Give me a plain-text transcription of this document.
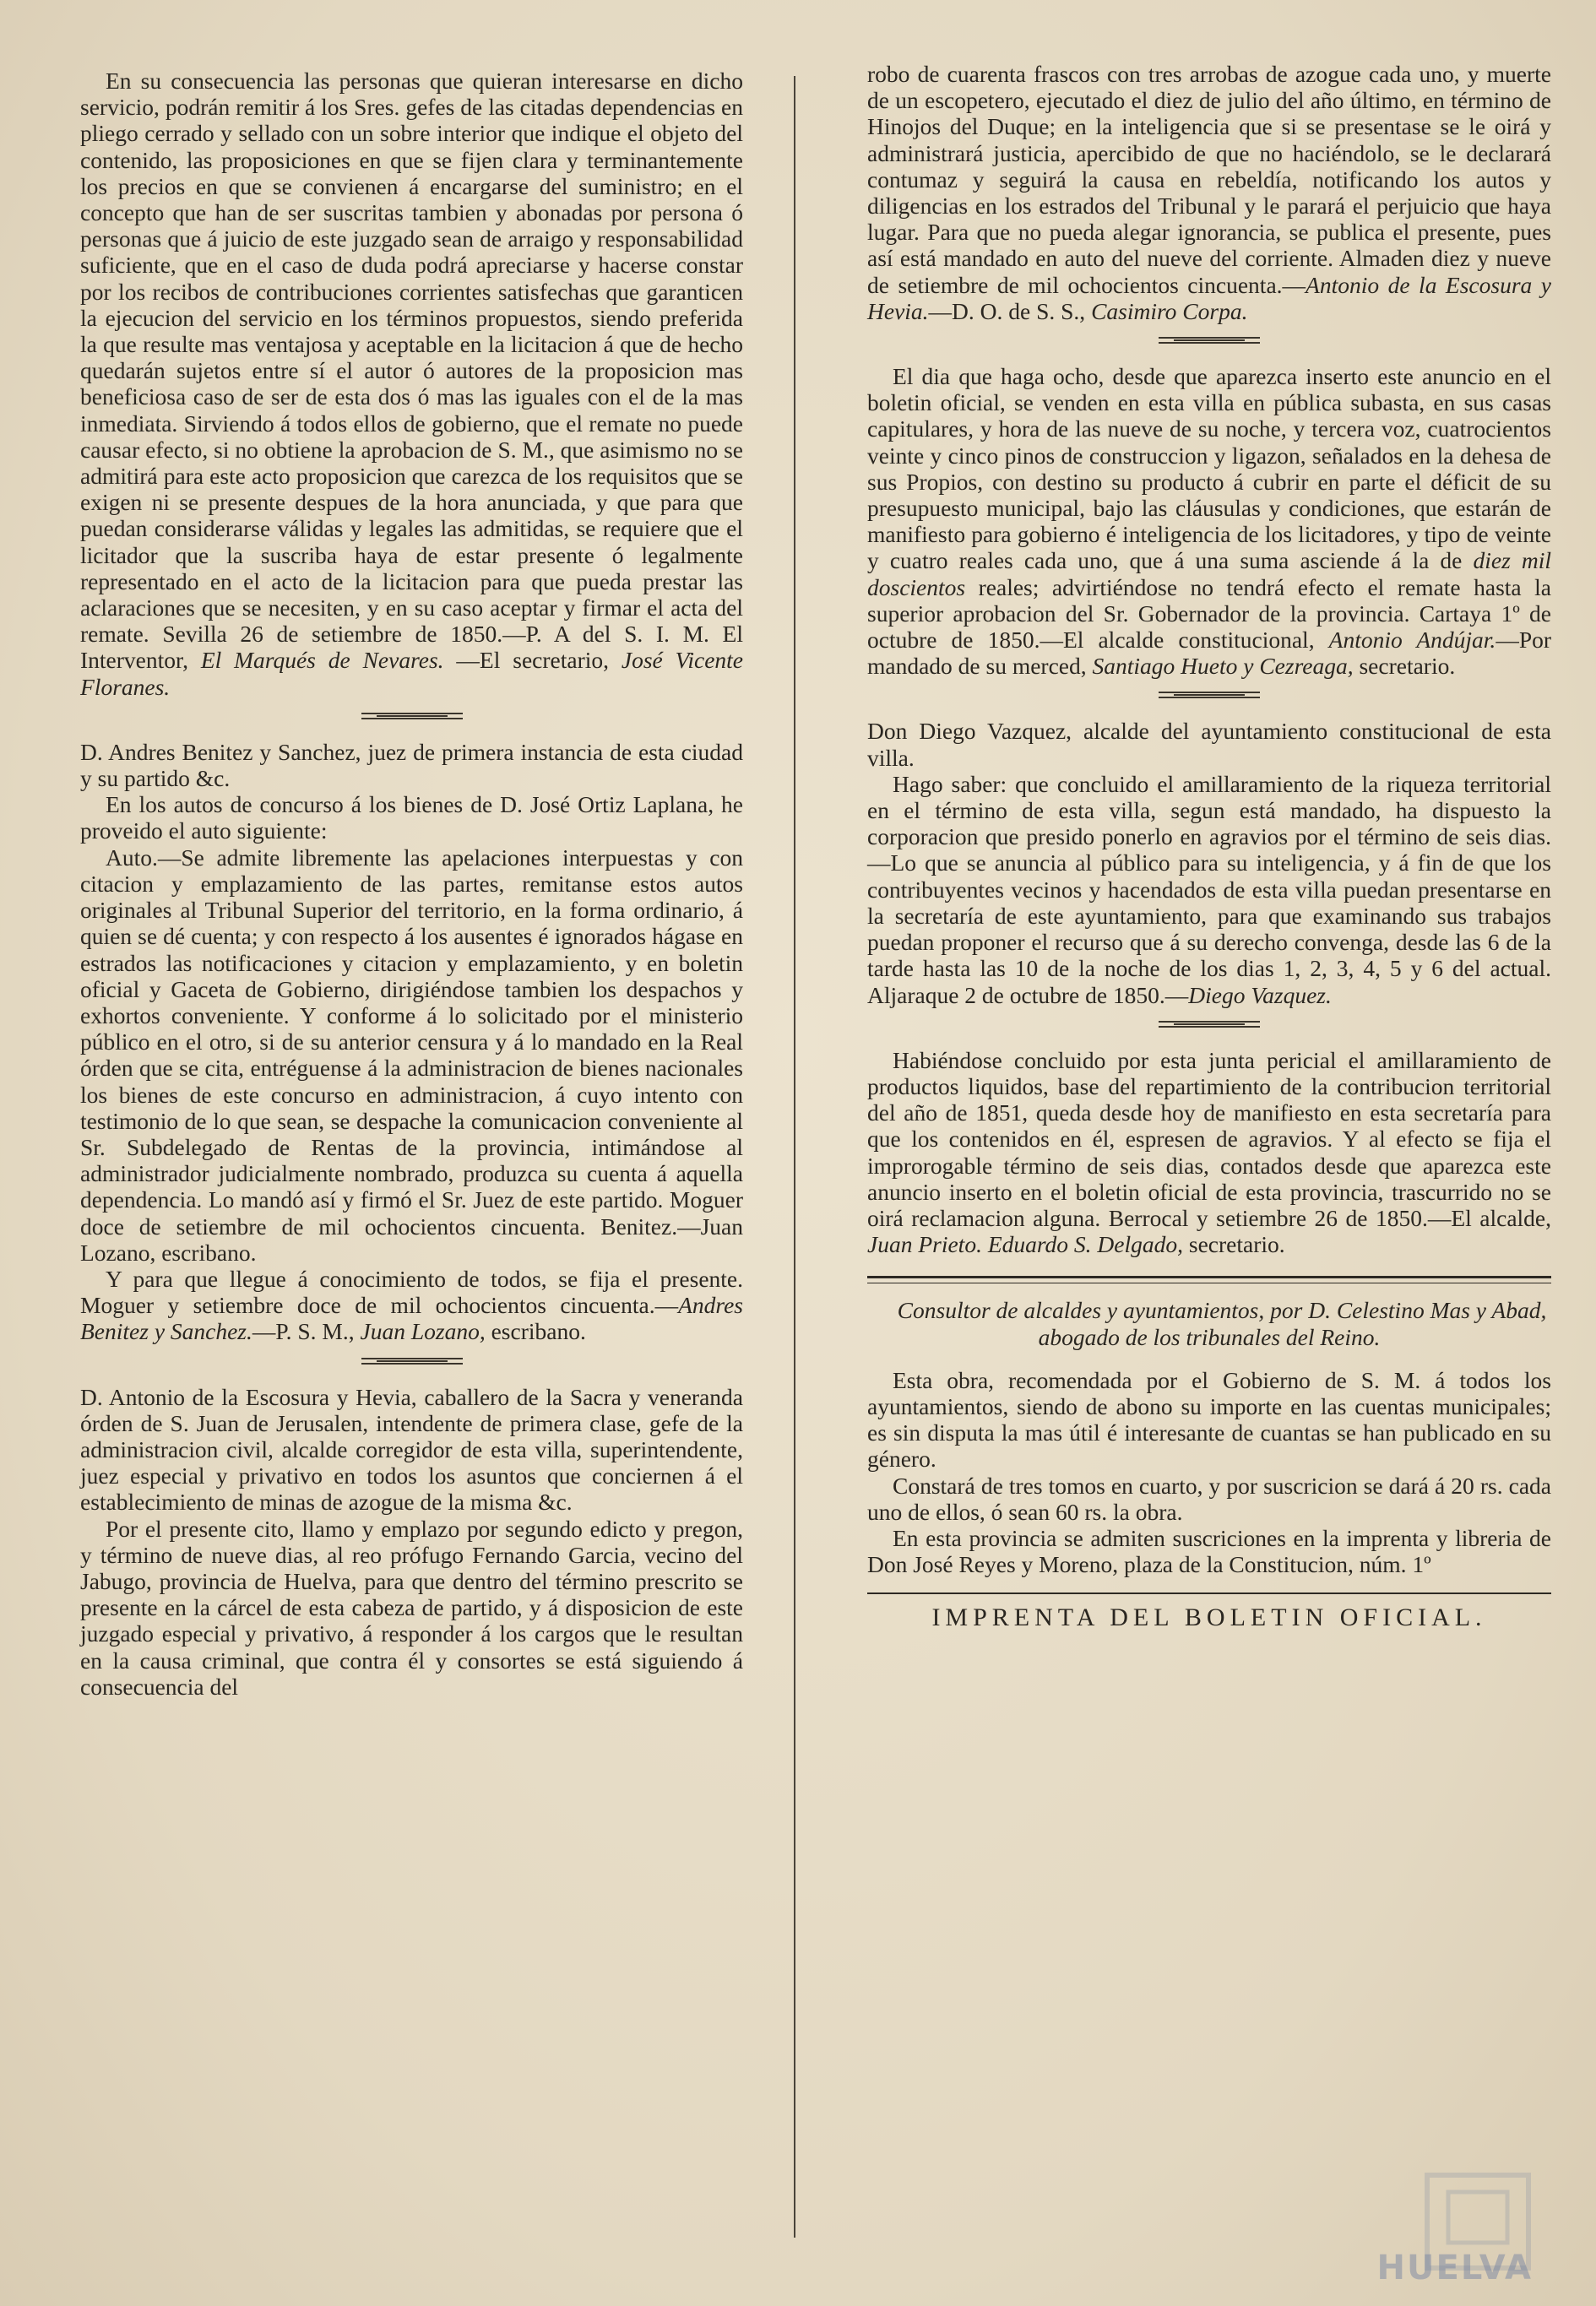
En su consecuencia las personas que quieran interesarse en dicho servicio, podrán remitir á los Sres. gefes de las citadas dependencias en pliego cerrado y sellado con un sobre interior que indique el objeto del contenido, las proposiciones en que se fijen clara y terminantemente los precios en que se convienen á encargarse del suministro; en el concepto que han de ser suscritas tambien y abonadas por persona ó personas que á juicio de este juzgado sean de arraigo y responsabilidad suficiente, que en el caso de duda podrá apreciarse y hacerse constar por los recibos de contribuciones corrientes satisfechas que garanticen la ejecucion del servicio en los términos propuestos, siendo preferida la que resulte mas ventajosa y aceptable en la licitacion á que de hecho quedarán sujetos entre sí el autor ó autores de la proposicion mas beneficiosa caso de ser de esta dos ó mas las iguales con el de la mas inmediata. Sirviendo á todos ellos de gobierno, que el remate no puede causar efecto, si no obtiene la aprobacion de S. M., que asimismo no se admitirá para este acto proposicion que carezca de los requisitos que se exigen ni se presente despues de la hora anunciada, y que para que puedan considerarse válidas y legales las admitidas, se requiere que el licitador que la suscriba haya de estar presente ó legalmente representado en el acto de la licitacion para que pueda prestar las aclaraciones que se necesiten, y en su caso aceptar y firmar el acta del remate. Sevilla 26 de setiembre de 1850.—P. A del S. I. M. El Interventor, El Marqués de Nevares. —El secretario, José Vicente Floranes.

D. Andres Benitez y Sanchez, juez de primera instancia de esta ciudad y su partido &c.

En los autos de concurso á los bienes de D. José Ortiz Laplana, he proveido el auto siguiente:

Auto.—Se admite libremente las apelaciones interpuestas y con citacion y emplazamiento de las partes, remitanse estos autos originales al Tribunal Superior del territorio, en la forma ordinario, á quien se dé cuenta; y con respecto á los ausentes é ignorados hágase en estrados las notificaciones y citacion y emplazamiento, y en boletin oficial y Gaceta de Gobierno, dirigiéndose tambien los despachos y exhortos conveniente. Y conforme á lo solicitado por el ministerio público en el otro, si de su anterior censura y á lo mandado en la Real órden que se cita, entréguense á la administracion de bienes nacionales los bienes de este concurso en administracion, á cuyo intento con testimonio de lo que sean, se despache la comunicacion conveniente al Sr. Subdelegado de Rentas de la provincia, intimándose al administrador judicialmente nombrado, produzca su cuenta á aquella dependencia. Lo mandó así y firmó el Sr. Juez de este partido. Moguer doce de setiembre de mil ochocientos cincuenta. Benitez.—Juan Lozano, escribano.

Y para que llegue á conocimiento de todos, se fija el presente. Moguer y setiembre doce de mil ochocientos cincuenta.—Andres Benitez y Sanchez.—P. S. M., Juan Lozano, escribano.

D. Antonio de la Escosura y Hevia, caballero de la Sacra y veneranda órden de S. Juan de Jerusalen, intendente de primera clase, gefe de la administracion civil, alcalde corregidor de esta villa, superintendente, juez especial y privativo en todos los asuntos que conciernen á el establecimiento de minas de azogue de la misma &c.

Por el presente cito, llamo y emplazo por segundo edicto y pregon, y término de nueve dias, al reo prófugo Fernando Garcia, vecino del Jabugo, provincia de Huelva, para que dentro del término prescrito se presente en la cárcel de esta cabeza de partido, y á disposicion de este juzgado especial y privativo, á responder á los cargos que le resultan en la causa criminal, que contra él y consortes se está siguiendo á consecuencia del

robo de cuarenta frascos con tres arrobas de azogue cada uno, y muerte de un escopetero, ejecutado el diez de julio del año último, en término de Hinojos del Duque; en la inteligencia que si se presentase se le oirá y administrará justicia, apercibido de que no haciéndolo, se le declarará contumaz y seguirá la causa en rebeldía, notificando los autos y diligencias en los estrados del Tribunal y le parará el perjuicio que haya lugar. Para que no pueda alegar ignorancia, se publica el presente, pues así está mandado en auto del nueve del corriente. Almaden diez y nueve de setiembre de mil ochocientos cincuenta.—Antonio de la Escosura y Hevia.—D. O. de S. S., Casimiro Corpa.

El dia que haga ocho, desde que aparezca inserto este anuncio en el boletin oficial, se venden en esta villa en pública subasta, en sus casas capitulares, y hora de las nueve de su noche, y tercera voz, cuatrocientos veinte y cinco pinos de construccion y ligazon, señalados en la dehesa de sus Propios, con destino su producto á cubrir en parte el déficit de su presupuesto municipal, bajo las cláusulas y condiciones, que estarán de manifiesto para gobierno é inteligencia de los licitadores, y tipo de veinte y cuatro reales cada uno, que á una suma asciende á la de diez mil doscientos reales; advirtiéndose no tendrá efecto el remate hasta la superior aprobacion del Sr. Gobernador de la provincia. Cartaya 1º de octubre de 1850.—El alcalde constitucional, Antonio Andújar.—Por mandado de su merced, Santiago Hueto y Cezreaga, secretario.

Don Diego Vazquez, alcalde del ayuntamiento constitucional de esta villa.

Hago saber: que concluido el amillaramiento de la riqueza territorial en el término de esta villa, segun está mandado, ha dispuesto la corporacion que presido ponerlo en agravios por el término de seis dias.—Lo que se anuncia al público para su inteligencia, y á fin de que los contribuyentes vecinos y hacendados de esta villa puedan presentarse en la secretaría de este ayuntamiento, para que examinando sus trabajos puedan proponer el recurso que á su derecho convenga, desde las 6 de la tarde hasta las 10 de la noche de los dias 1, 2, 3, 4, 5 y 6 del actual. Aljaraque 2 de octubre de 1850.—Diego Vazquez.

Habiéndose concluido por esta junta pericial el amillaramiento de productos liquidos, base del repartimiento de la contribucion territorial del año de 1851, queda desde hoy de manifiesto en esta secretaría para que los contenidos en él, espresen de agravios. Y al efecto se fija el improrogable término de seis dias, contados desde que aparezca este anuncio inserto en el boletin oficial de esta provincia, trascurrido no se oirá reclamacion alguna. Berrocal y setiembre 26 de 1850.—El alcalde, Juan Prieto. Eduardo S. Delgado, secretario.

Consultor de alcaldes y ayuntamientos, por D. Celestino Mas y Abad, abogado de los tribunales del Reino.

Esta obra, recomendada por el Gobierno de S. M. á todos los ayuntamientos, siendo de abono su importe en las cuentas municipales; es sin disputa la mas útil é interesante de cuantas se han publicado en su género.

Constará de tres tomos en cuarto, y por suscricion se dará á 20 rs. cada uno de ellos, ó sean 60 rs. la obra.

En esta provincia se admiten suscriciones en la imprenta y libreria de Don José Reyes y Moreno, plaza de la Constitucion, núm. 1º

IMPRENTA DEL BOLETIN OFICIAL.
HUELVA
